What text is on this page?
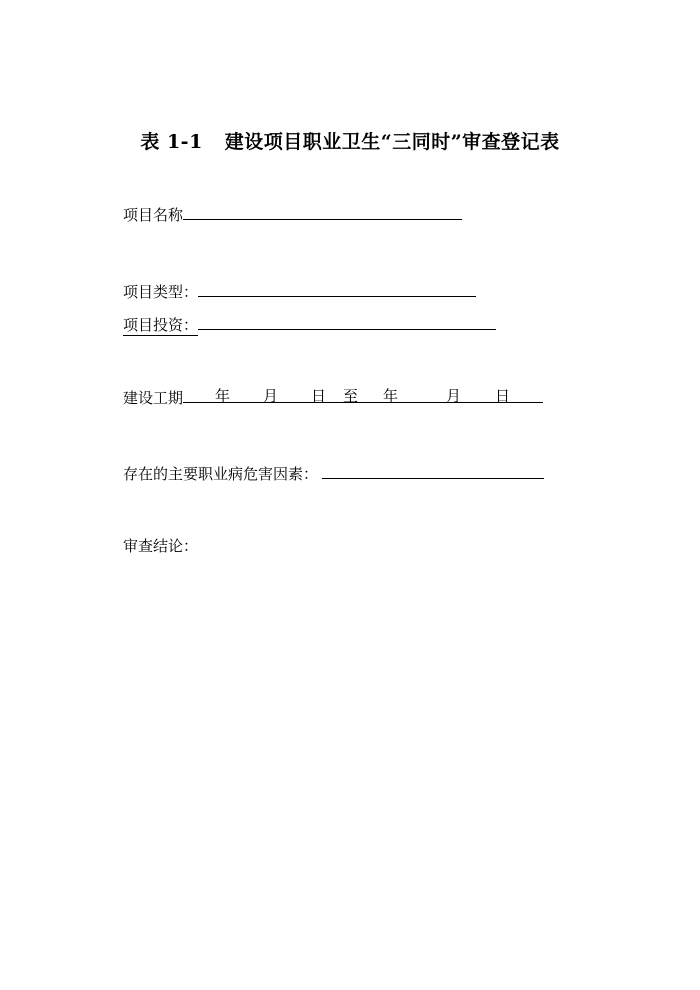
表 1-1 建设项目职业卫生“三同时”审查登记表
项目名称
项目类型：
项目投资：
建设工期 年 月 日 至 年	月 日
存在的主要职业病危害因素：
审查结论：
